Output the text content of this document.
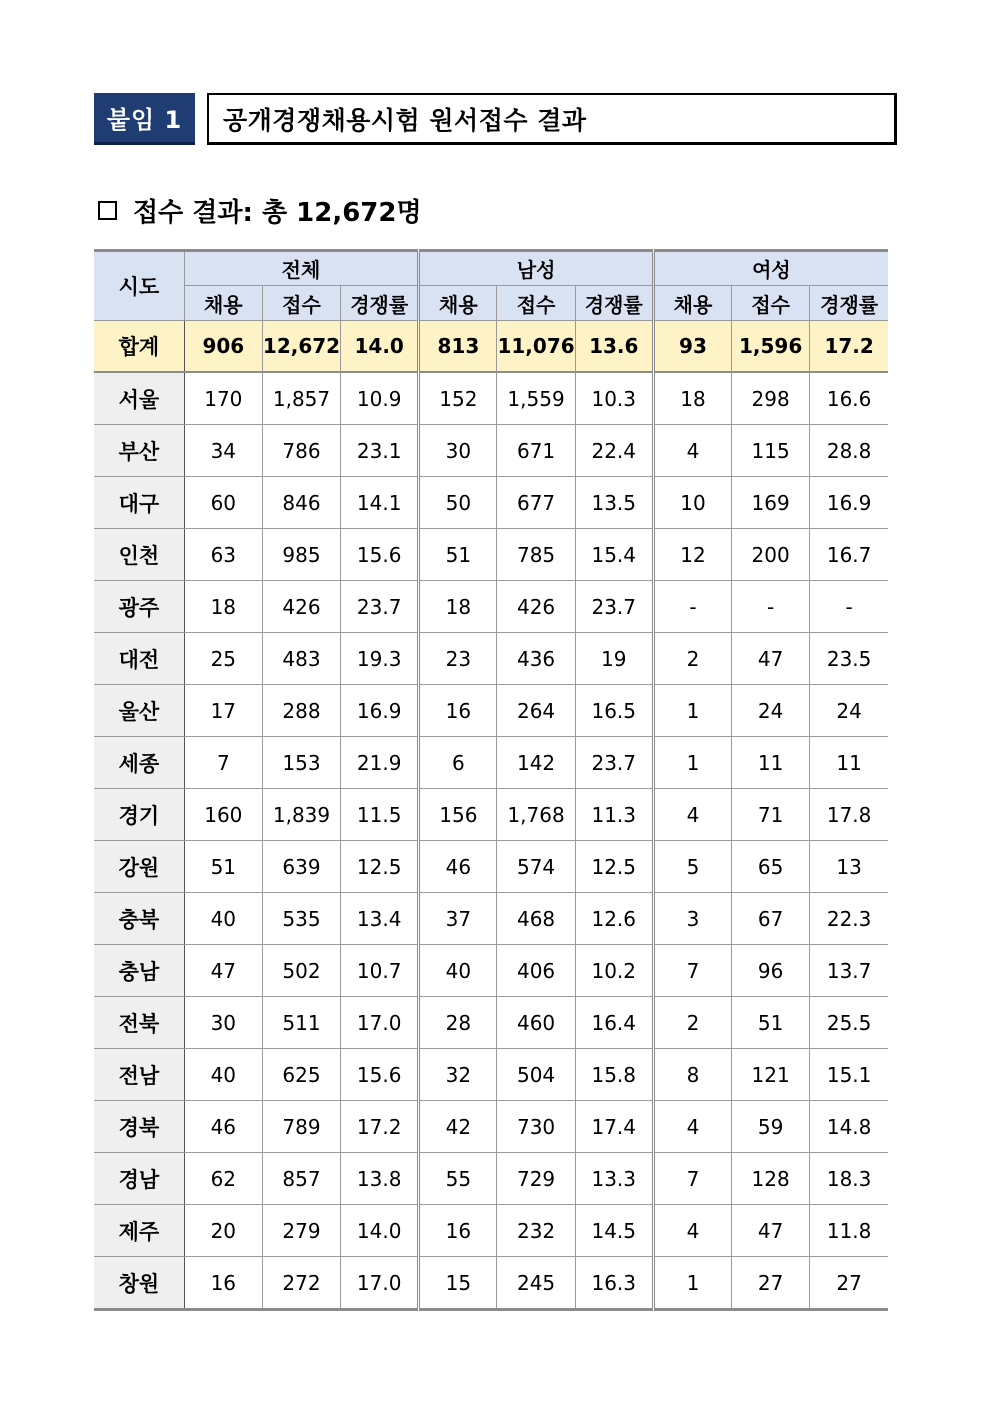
붙임 1	공개경쟁채용시험 원서접수 결과
접수 결과: 총 12,672명
시도	전체			남성			여성		
	채용	접수	경쟁률	채용	접수	경쟁률	채용	접수	경쟁률
합계	906	12,672	14.0	813	11,076	13.6	93	1,596	17.2
서울	170	1,857	10.9	152	1,559	10.3	18	298	16.6
부산	34	786	23.1	30	671	22.4	4	115	28.8
대구	60	846	14.1	50	677	13.5	10	169	16.9
인천	63	985	15.6	51	785	15.4	12	200	16.7
광주	18	426	23.7	18	426	23.7	-	-	-
대전	25	483	19.3	23	436	19	2	47	23.5
울산	17	288	16.9	16	264	16.5	1	24	24
세종	7	153	21.9	6	142	23.7	1	11	11
경기	160	1,839	11.5	156	1,768	11.3	4	71	17.8
강원	51	639	12.5	46	574	12.5	5	65	13
충북	40	535	13.4	37	468	12.6	3	67	22.3
충남	47	502	10.7	40	406	10.2	7	96	13.7
전북	30	511	17.0	28	460	16.4	2	51	25.5
전남	40	625	15.6	32	504	15.8	8	121	15.1
경북	46	789	17.2	42	730	17.4	4	59	14.8
경남	62	857	13.8	55	729	13.3	7	128	18.3
제주	20	279	14.0	16	232	14.5	4	47	11.8
창원	16	272	17.0	15	245	16.3	1	27	27
